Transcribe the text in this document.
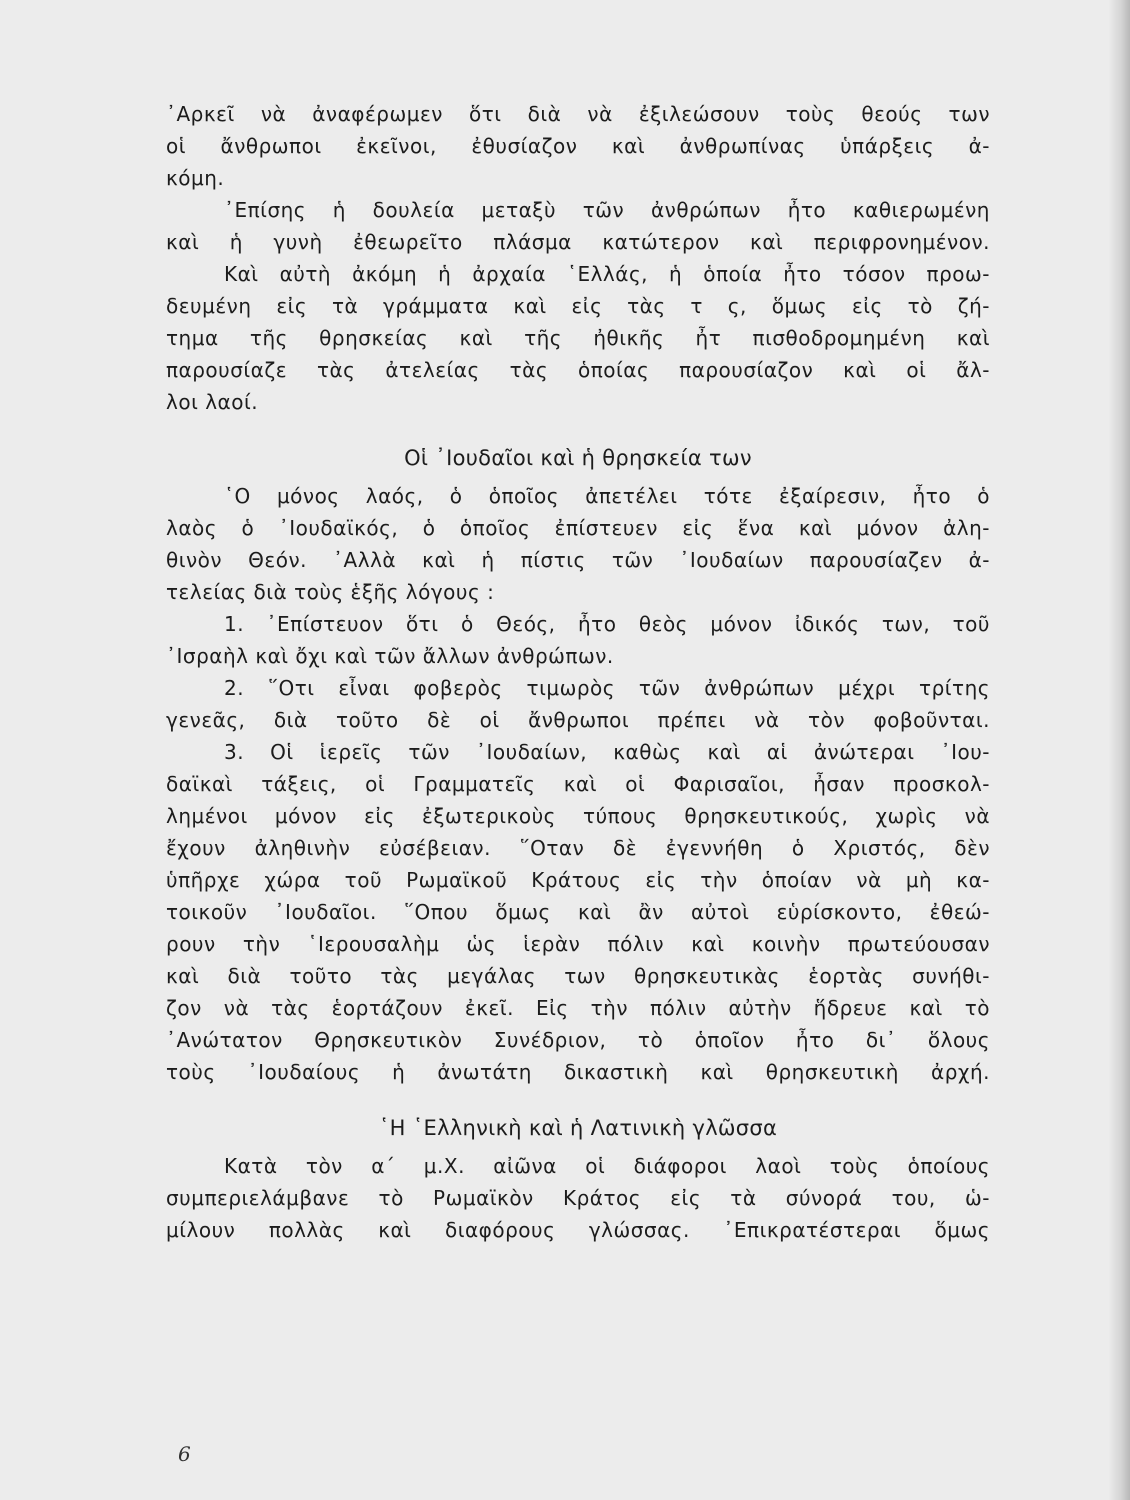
᾿Αρκεῖ νὰ ἀναφέρωμεν ὅτι διὰ νὰ ἐξιλεώσουν τοὺς θεούς των
οἱ ἄνθρωποι ἐκεῖνοι, ἐθυσίαζον καὶ ἀνθρωπίνας ὑπάρξεις ἀ-
κόμη.
᾿Επίσης ἡ δουλεία μεταξὺ τῶν ἀνθρώπων ἦτο καθιερωμένη
καὶ ἡ γυνὴ ἐθεωρεῖτο πλάσμα κατώτερον καὶ περιφρονημένον.
Καὶ αὐτὴ ἀκόμη ἡ ἀρχαία ῾Ελλάς, ἡ ὁποία ἦτο τόσον προω-
δευμένη εἰς τὰ γράμματα καὶ εἰς τὰς τ ς, ὅμως εἰς τὸ ζή-
τημα τῆς θρησκείας καὶ τῆς ἠθικῆς ἦτ πισθοδρομημένη καὶ
παρουσίαζε τὰς ἀτελείας τὰς ὁποίας παρουσίαζον καὶ οἱ ἄλ-
λοι λαοί.
Οἱ ᾿Ιουδαῖοι καὶ ἡ θρησκεία των
῾Ο μόνος λαός, ὁ ὁποῖος ἀπετέλει τότε ἐξαίρεσιν, ἦτο ὁ
λαὸς ὁ ᾿Ιουδαϊκός, ὁ ὁποῖος ἐπίστευεν εἰς ἕνα καὶ μόνον ἀλη-
θινὸν Θεόν. ᾿Αλλὰ καὶ ἡ πίστις τῶν ᾿Ιουδαίων παρουσίαζεν ἀ-
τελείας διὰ τοὺς ἑξῆς λόγους :
1. ᾿Επίστευον ὅτι ὁ Θεός, ἦτο θεὸς μόνον ἰδικός των, τοῦ
᾿Ισραὴλ καὶ ὄχι καὶ τῶν ἄλλων ἀνθρώπων.
2. ῞Οτι εἶναι φοβερὸς τιμωρὸς τῶν ἀνθρώπων μέχρι τρίτης
γενεᾶς, διὰ τοῦτο δὲ οἱ ἄνθρωποι πρέπει νὰ τὸν φοβοῦνται.
3. Οἱ ἱερεῖς τῶν ᾿Ιουδαίων, καθὼς καὶ αἱ ἀνώτεραι ᾿Ιου-
δαϊκαὶ τάξεις, οἱ Γραμματεῖς καὶ οἱ Φαρισαῖοι, ἦσαν προσκολ-
λημένοι μόνον εἰς ἐξωτερικοὺς τύπους θρησκευτικούς, χωρὶς νὰ
ἔχουν ἀληθινὴν εὐσέβειαν. ῞Οταν δὲ ἐγεννήθη ὁ Χριστός, δὲν
ὑπῆρχε χώρα τοῦ Ρωμαϊκοῦ Κράτους εἰς τὴν ὁποίαν νὰ μὴ κα-
τοικοῦν ᾿Ιουδαῖοι. ῞Οπου ὅμως καὶ ἂν αὐτοὶ εὑρίσκοντο, ἐθεώ-
ρουν τὴν ῾Ιερουσαλὴμ ὡς ἱερὰν πόλιν καὶ κοινὴν πρωτεύουσαν
καὶ διὰ τοῦτο τὰς μεγάλας των θρησκευτικὰς ἑορτὰς συνήθι-
ζον νὰ τὰς ἑορτάζουν ἐκεῖ. Εἰς τὴν πόλιν αὐτὴν ἥδρευε καὶ τὸ
᾿Ανώτατον Θρησκευτικὸν Συνέδριον, τὸ ὁποῖον ἦτο δι᾿ ὅλους
τοὺς ᾿Ιουδαίους ἡ ἀνωτάτη δικαστικὴ καὶ θρησκευτικὴ ἀρχή.
῾Η ῾Ελληνικὴ καὶ ἡ Λατινικὴ γλῶσσα
Κατὰ τὸν α΄ μ.Χ. αἰῶνα οἱ διάφοροι λαοὶ τοὺς ὁποίους
συμπεριελάμβανε τὸ Ρωμαϊκὸν Κράτος εἰς τὰ σύνορά του, ὡ-
μίλουν πολλὰς καὶ διαφόρους γλώσσας. ᾿Επικρατέστεραι ὅμως
6
